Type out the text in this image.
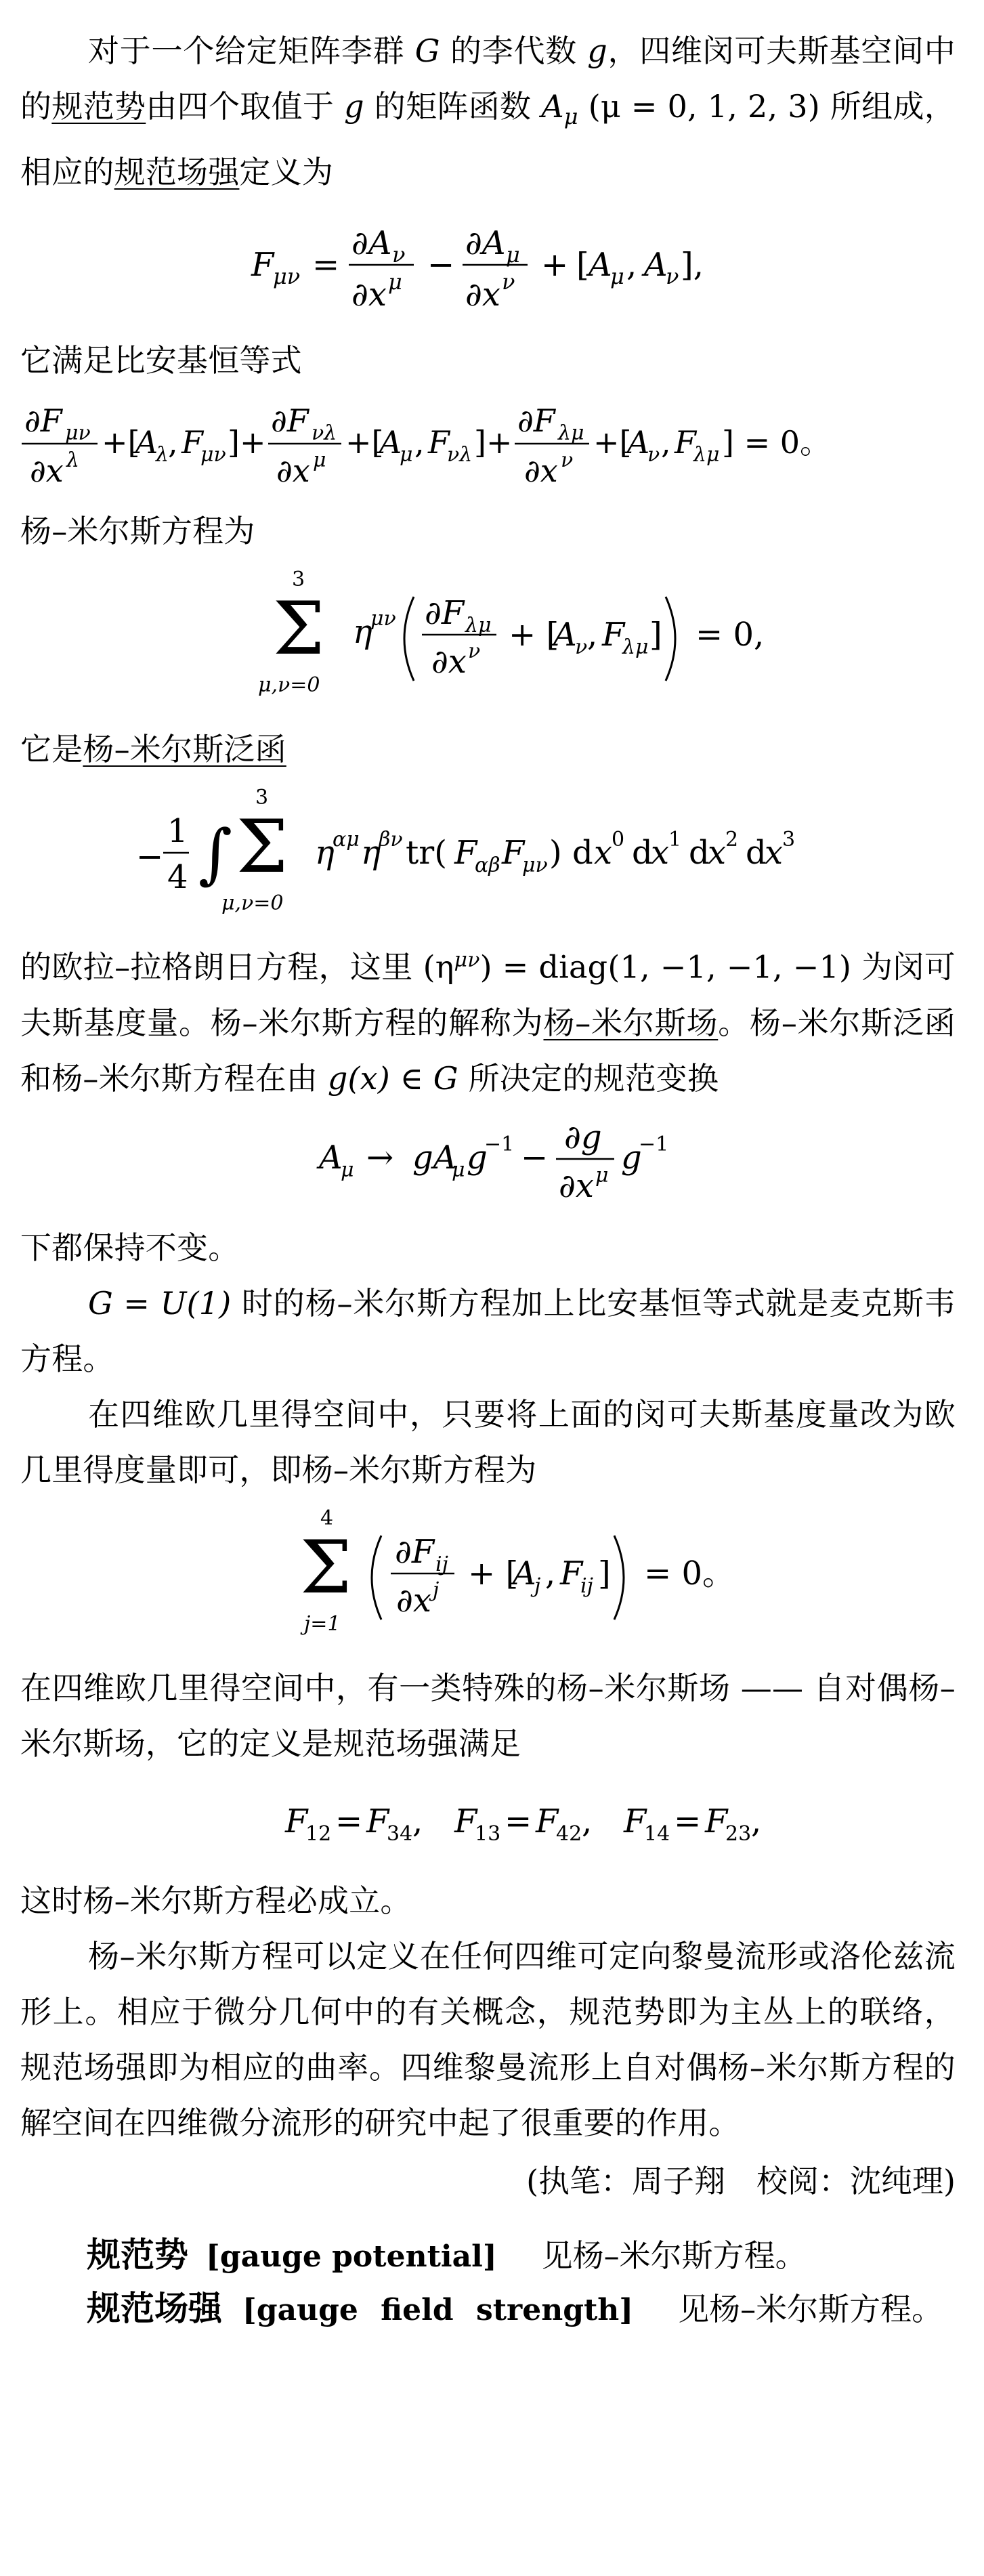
对于一个给定矩阵李群 G 的李代数 g，四维闵可夫斯基空间中的规范势由四个取值于 g 的矩阵函数 $A_\mu$ (μ = 0, 1, 2, 3) 所组成，相应的规范场强定义为

F
μν =
∂A ν
∂x μ −
∂A μ
∂x ν + [ A
μ , A
ν ],

它满足比安基恒等式

∂F μν
∂x λ +[
A
λ
, F
μν ]+
∂F νλ
∂x μ +[
A
μ , F
νλ ]+
∂F λμ
∂x ν +[
A
ν , F
λμ ] = 0。

杨–米尔斯方程为

3
Σ
μ,ν=0
η
μν ∂F λμ
∂x ν + [
A
ν , F
λμ ] = 0,

它是杨–米尔斯泛函

−
1
4 ∫
3
Σ
μ,ν=0
η
αμ η
βν tr( F
αβ F
μν ) d x
0 d
x
1 d
x
2 d
x
3

的欧拉–拉格朗日方程，这里 $(\eta^{\mu\nu})$ = diag(1, −1, −1, −1) 为闵可夫斯基度量。杨–米尔斯方程的解称为杨–米尔斯场。杨–米尔斯泛函和杨–米尔斯方程在由 g(x) ∈ G 所决定的规范变换

A
μ → gA
μ g
−1 −
∂g
∂x μ g
−1

下都保持不变。

G = U(1) 时的杨–米尔斯方程加上比安基恒等式就是麦克斯韦方程。

在四维欧几里得空间中，只要将上面的闵可夫斯基度量改为欧几里得度量即可，即杨–米尔斯方程为

4
Σ
j=1
∂F ij
∂x j + [
A
j , F
ij ] = 0。

在四维欧几里得空间中，有一类特殊的杨–米尔斯场 —— 自对偶杨–米尔斯场，它的定义是规范场强满足

F
12 = F
34 , F
13 = F
42 , F
14 = F
23 ,

这时杨–米尔斯方程必成立。

杨–米尔斯方程可以定义在任何四维可定向黎曼流形或洛伦兹流形上。相应于微分几何中的有关概念，规范势即为主丛上的联络，规范场强即为相应的曲率。四维黎曼流形上自对偶杨–米尔斯方程的解空间在四维微分流形的研究中起了很重要的作用。

(执笔：周子翔　校阅：沈纯理)

规范势 [gauge potential] 见杨–米尔斯方程。

规范场强 [gauge field strength] 见杨–米尔斯方程。
